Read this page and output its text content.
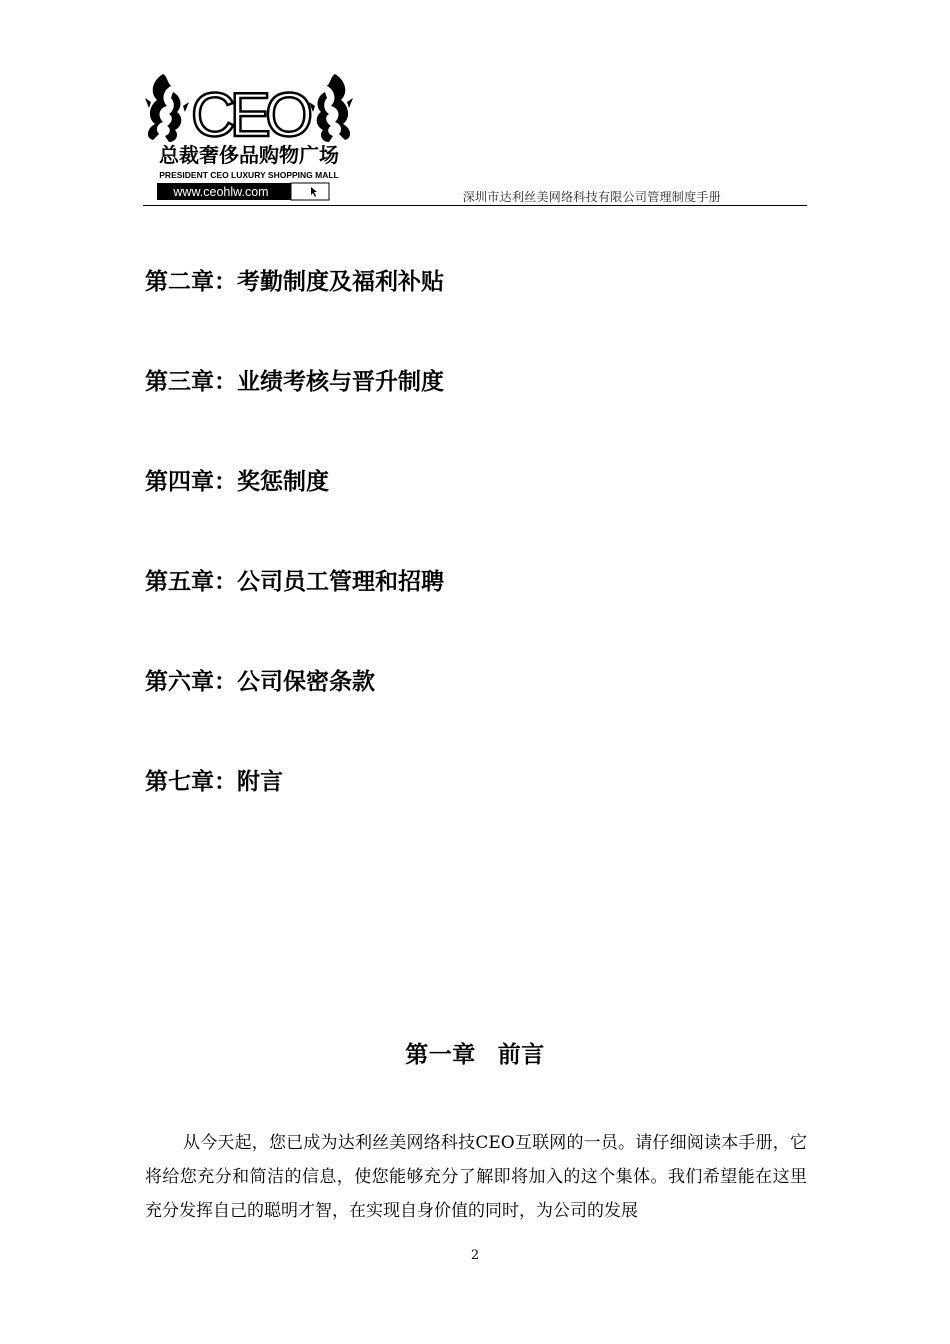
CEO
总裁奢侈品购物广场
PRESIDENT CEO LUXURY SHOPPING MALL
www.ceohlw.com	深圳市达利丝美网络科技有限公司管理制度手册
第二章：考勤制度及福利补贴
第三章：业绩考核与晋升制度
第四章：奖惩制度
第五章：公司员工管理和招聘
第六章：公司保密条款
第七章：附言
第一章 前言
从今天起，您已成为达利丝美网络科技CEO互联网的一员。请仔细阅读本手册，它将给您充分和简洁的信息，使您能够充分了解即将加入的这个集体。我们希望能在这里充分发挥自己的聪明才智，在实现自身价值的同时，为公司的发展
2
